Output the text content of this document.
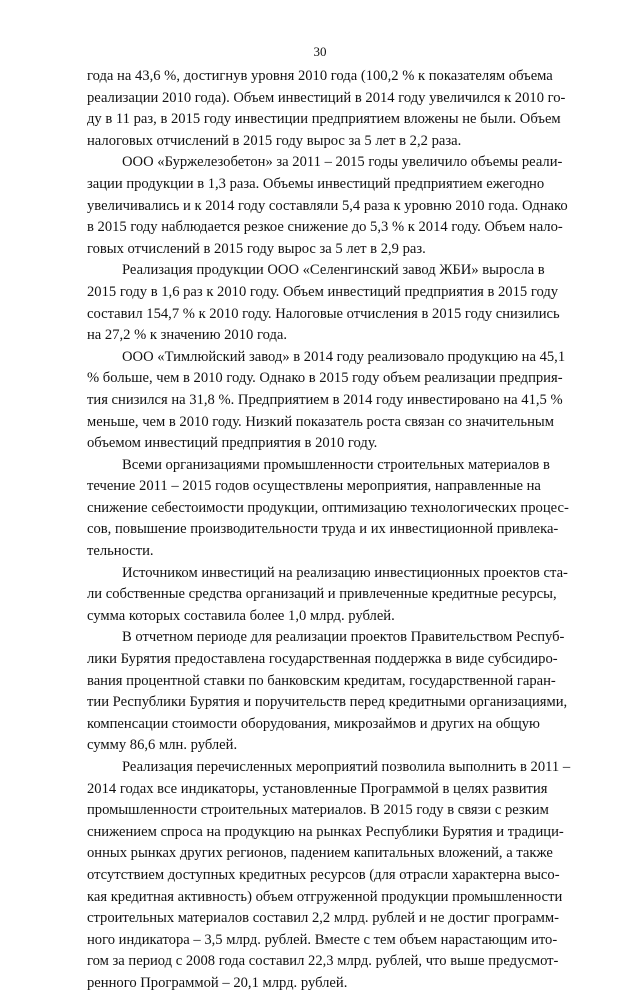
30
года на 43,6 %, достигнув уровня 2010 года (100,2 % к показателям объема
реализации 2010 года). Объем инвестиций в 2014 году увеличился к 2010 го-
ду в 11 раз, в 2015 году инвестиции предприятием вложены не были. Объем
налоговых отчислений в 2015 году вырос за 5 лет в 2,2 раза.
ООО «Буржелезобетон» за 2011 – 2015 годы увеличило объемы реали-
зации продукции в 1,3 раза. Объемы инвестиций предприятием ежегодно
увеличивались и к 2014 году составляли 5,4 раза к уровню 2010 года. Однако
в 2015 году наблюдается резкое снижение до 5,3 % к 2014 году. Объем нало-
говых отчислений в 2015 году вырос за 5 лет в 2,9 раз.
Реализация продукции ООО «Селенгинский завод ЖБИ» выросла в
2015 году в 1,6 раз к 2010 году. Объем инвестиций предприятия в 2015 году
составил 154,7 % к 2010 году. Налоговые отчисления в 2015 году снизились
на 27,2 % к значению 2010 года.
ООО «Тимлюйский завод» в 2014 году реализовало продукцию на 45,1
% больше, чем в 2010 году. Однако в 2015 году объем реализации предприя-
тия снизился на 31,8 %. Предприятием в 2014 году инвестировано на 41,5 %
меньше, чем в 2010 году. Низкий показатель роста связан со значительным
объемом инвестиций предприятия в 2010 году.
Всеми организациями промышленности строительных материалов в
течение 2011 – 2015 годов осуществлены мероприятия, направленные на
снижение себестоимости продукции, оптимизацию технологических процес-
сов, повышение производительности труда и их инвестиционной привлека-
тельности.
Источником инвестиций на реализацию инвестиционных проектов ста-
ли собственные средства организаций и привлеченные кредитные ресурсы,
сумма которых составила более 1,0 млрд. рублей.
В отчетном периоде для реализации проектов Правительством Респуб-
лики Бурятия предоставлена государственная поддержка в виде субсидиро-
вания процентной ставки по банковским кредитам, государственной гаран-
тии Республики Бурятия и поручительств перед кредитными организациями,
компенсации стоимости оборудования, микрозаймов и других на общую
сумму 86,6 млн. рублей.
Реализация перечисленных мероприятий позволила выполнить в 2011 –
2014 годах все индикаторы, установленные Программой в целях развития
промышленности строительных материалов. В 2015 году в связи с резким
снижением спроса на продукцию на рынках Республики Бурятия и традици-
онных рынках других регионов, падением капитальных вложений, а также
отсутствием доступных кредитных ресурсов (для отрасли характерна высо-
кая кредитная активность) объем отгруженной продукции промышленности
строительных материалов составил 2,2 млрд. рублей и не достиг программ-
ного индикатора – 3,5 млрд. рублей. Вместе с тем объем нарастающим ито-
гом за период с 2008 года составил 22,3 млрд. рублей, что выше предусмот-
ренного Программой – 20,1 млрд. рублей.
